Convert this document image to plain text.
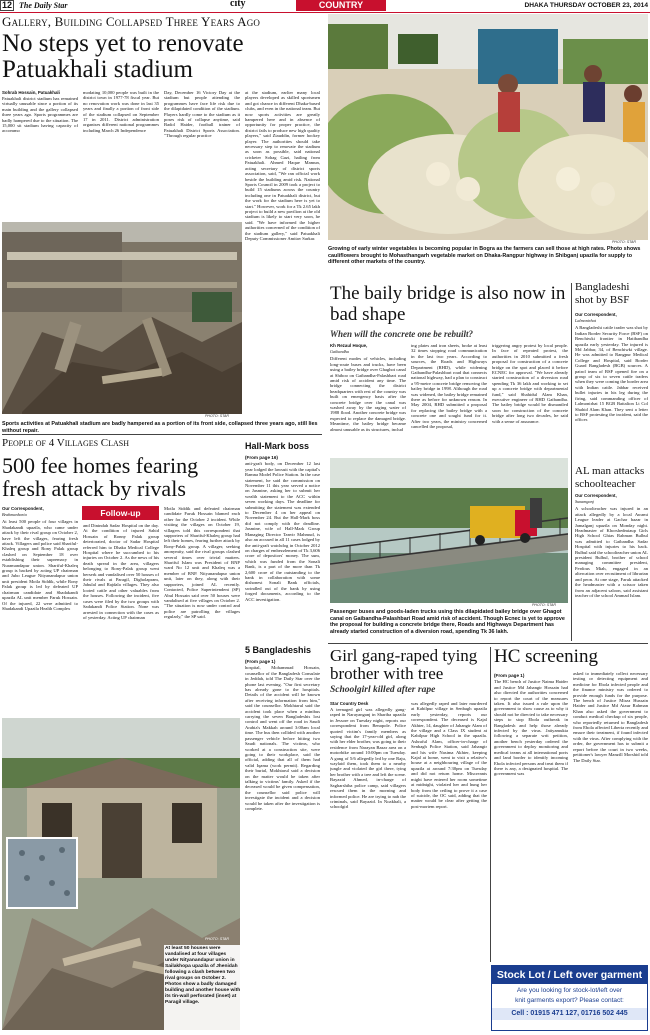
12 The Daily Star	city	COUNTRY	DHAKA THURSDAY OCTOBER 23, 2014
Gallery, Building Collapsed Three Years Ago
No steps yet to renovate Patuakhali stadium
Sohrab Hossain, Patuakhali
Patuakhali district stadium has remained virtually unusable since a portion of its main building and the gallery collapsed three years ago. Sports programmes are badly hampered due to the situation. The 15,000 sit stadium having capacity of accommo
modating 10,000 people was built in the district town in 1977-78 fiscal year. But no renovation work was done in last 35 years and finally a portion of front side of the stadium collapsed on September 17 in 2011. District administration organises different national programmes including March 26 Independence
Day, December 16 Victory Day at the stadium but people attending the programmes have face life risk due to the dilapidated condition of the stadium. Players hardly come to the stadium as it poses risk of collapse anytime, said Badol Haider, football trainer of Patuakhali District Sports Association. "Through regular practice
at the stadium, earlier many local players developed as skilled sportsmen and got chance in different Dhaka-based clubs, and even in the national team. But now sports activities are greatly hampered here and in absence of opportunity for proper practice, the district fails to produce new high quality players," said Ziauddin, former hockey player. The authorities should take necessary step to renovate the stadium as soon as possible, said national cricketer Sohag Gazi, hailing from Patuakhali. Ahmed Haque Mamun, acting secretary of district sports association, said, "We ran official work beside the building amid risk. National Sports Council in 2009 took a project to build 15 stadiums across the country including one in Patuakhali district, but the work for the stadium here is yet to start." However, work for a Tk 2.65 lakh project to build a new pavilion at the old stadium is likely to start very soon, he said. "We have informed the higher authorities concerned of the condition of the stadium gallery," said Patuakhali Deputy Commissioner Amitav Sarkar.
PHOTO: STAR
Sports activities at Patuakhali stadium are badly hampered as a portion of its front side, collapsed three years ago, still lies without repair.
PHOTO: STAR
Growing of early winter vegetables is becoming popular in Bogra as the farmers can sell those at high rates. Photo shows cauliflowers brought to Mohasthangarh vegetable market on Dhaka-Rangpur highway in Shibganj upazila for supply to different other markets of the country.
The baily bridge is also now in bad shape
When will the concrete one be rebuilt?
Kh Rezaul Hoque,
Gaibandha
Different modes of vehicles, including long-route buses and trucks, have been using a bailey bridge over Ghaghot canal at Shiboo on Gaibandha-Palashbari road amid risk of accident any time. The bridge connecting the district headquarters with rest of the country was built on emergency basis after the concrete bridge over the canal was washed away by the raging water of 1988 flood. Another concrete bridge was expected to replace the damaged bridge. Meantime, the bailey bridge became almost unusable as its structures, includ
ing plates and iron sheets, broke at least 32 times stopping road communication in the last two years. According to sources, the Roads and Highways Department (RHD), while widening Gaibandha-Palashbari road that connects national highway, had a plan to construct a 95-metre concrete bridge removing the bailey bridge in 1998. Although the road was widened, the bailey bridge remained there as before for unknown reason. In May 2004, RHD submitted a proposal for replacing the bailey bridge with a concrete one and sought fund for it. After two years, the ministry concerned cancelled the proposal,
triggering angry protest by local people. In face of repeated protest, the authorities in 2010 submitted a fresh proposal for construction of a concrete bridge on the spot and placed it before ECNEC for approval. "We have already started construction of a diversion road spending Tk 36 lakh and working to set up a concrete bridge with departmental fund," said Shahidul Alam Khan, executive engineer of RHD Gaibandha. The bailey bridge would be dismantled soon for construction of the concrete bridge after long two decades, he said with a sense of assurance.
PHOTO: STAR
Passenger buses and goods-laden trucks using this dilapidated bailey bridge over Ghagot canal on Gaibandha-Palashbari Road amid risk of accident. Though Ecnec is yet to approve the proposal for building a concrete bridge there, Roads and Highways Department has already started construction of a diversion road, spending Tk 36 lakh.
Bangladeshi shot by BSF
Our Correspondent,
Lalmonirhat
A Bangladeshi cattle trader was shot by Indian Border Security Force (BSF) on Benchiwki frontier in Hatibandha upazila early yesterday. The injured is Md Jabbar, 34, of Benchiwki village. He was admitted to Rangpur Medical College and Hospital, said Border Guard Bangladesh (BGB) sources. A patrol team of BSF opened fire on a group of six to seven cattle traders when they were coming the border area with Indian cattle. Jabbar received bullet injuries in his leg during the firing, said commanding officer of Lalmonirhat 15 BGB Battalion Lt Col Shahid Alam Khan. They sent a letter to BSF protesting the incident, said the officer.
AL man attacks schoolteacher
Our Correspondent,
Sunamganj
A schoolteacher was injured in an attack allegedly by a local Awami League leader at Gachar bazar in Jamalganj upazila on Monday night. Headmaster of Khorshedmiaup Girls High School Ghias Rahman Bulbul was admitted to Gaibandha Sadar Hospital with injuries to his back. Bulbul said the schoolteacher union AL president Bulbul, brother of school managing committee president, Ferdous Miah, engaged in an altercation over recruitment of librarian and peon. At one stage, Faruk attacked the headmaster with a scissor taken from an adjacent saloon, said assistant teacher of the school Ammad Islam.
People of 4 Villages Clash
500 fee homes fearing fresh attack by rivals
Our Correspondent,
Brahmanbaria
At least 500 people of four villages in Shadakandi upazila, who came under attack by their rival group on October 2, have left the villages, fearing fresh attack. Villagers and police said Shariful-Khaleq group and Rony Palak group clashed on September 18 over establishing their supremacy in Nuramandapur union. Shariful-Khaleq group is backed by acting UP chairman and Jubo League Nityanandapur union unit president Motla Siddik, while Rony Palak group is led by defeated UP chairman candidate and Shadakandi upazila AL unit member Faruk Hossain. Of the injured, 22 were admitted to Shadakandi Upazila Health Complex
Follow-up
and Dinindah Sadar Hospital on the day. At the condition of injured Sahid Hossain of Ronny Palak group deteriorated, doctor of Sadar Hospital referred him to Dhaka Medical College Hospital where he succumbed to his injuries on October 2. As the news of his death spread in the area, villagers belonging to Rony-Palak group went berserk and vandalised over 50 houses of their rivals at Paragil, Digholapram, Jabulal and Rajdala villages. They also looted cattle and other valuables from the houses. Following the incident, five cases were filed by the two groups with Sadakandi Police Station. None was arrested in connection with the cases as of yesterday. Acting UP chairman
Motla Siddik and defeated chairman candidate Faruk Hossain blamed each other for the October 2 incident. While visiting the villages on October 19, villagers told this correspondent that supporters of Shariful-Khaleq group had left their homes, fearing further attack by Rony-Palak group. A villager, seeking anonymity, said the rival groups clashed several times over trivial matters. Shariful Islam was President of BNP ward No 12 unit and Khaleq was a member of BNP. Nityanandapur union unit, later on they, along with their supporters, joined AL recently. Contacted, Police Superintendent (SP) Abul Hossain said over 50 houses were vandalised at five villages on October 2. "The situation is now under control and police are patrolling the villages regularly," the SP said.
PHOTO: STAR
At least 50 houses were vandalised at four villages under Nityanandapur union in Sailakhopa upazila of Jhenidah following a clash between two rival groups on October 2. Photos show a badly damaged building and another house with its tin-wall perforated (inset) at Paragil village.
Hall-Mark boss
(From page 16)
anti-graft body, on December 12 last year lodged the lawsuit with the capital's Ramna Model Police Station. In the case statement, he said the commission on November 11 this year served a notice on Jasmine, asking her to submit her wealth statement to the ACC within seven working days. The deadline for submitting the statement was extended to December 4 on her appeal on November 24. But the Hall-Mark boss did not comply with the deadline. Jasmine, wife of Hall-Mark Group Managing Director Tanvir Mahmud, is also an accused in all 11 cases lodged by the anti-graft watchdog in October 2012 on charges of embezzlement of Tk 3,606 crore of depositors' money. The sum, which was funded from the Sonali Bank, is a part of the more than Tk 2,600 crore of the outstanding to the bank in collaboration with some dishonest Sonali Bank officials, swindled out of the bank by using forged documents, according to the ACC investigation.
5 Bangladeshis
(From page 1)
hospital, Mohammad Hossain, counsellor of the Bangladesh Consulate in Jeddah, told The Daily Star over the phone last evening. "Our first secretary has already gone to the hospitals. Details of the accident will be known after receiving information from him," said the counsellor. Mokhtarul said the accident took place when a minibus carrying the seven Bangladeshis lost control and went off the road in Saudi Arabia's Makkah around 3:00am local time. The bus then collided with another passenger vehicle before hitting two Saudi nationals. The victims, who worked at a construction site, were going to their workplace, said the official, adding that all of them had valid Iqama (work permit). Regarding their burial, Mokhtarul said a decision on the matter would be taken after talking to victims' family. Asked if the deceased would be given compensation, the counsellor said police will investigate the incident and a decision would be taken after the investigation is complete.
Girl gang-raped tying brother with tree
Schoolgirl killed after rape
Star Country Desk
A teenaged girl was allegedly gang-raped in Narayanganj in Shariba upazila in Jessore on Tuesday night, reports our correspondent from Benapole. Police quoted victim's family members as saying that the 17-year-old girl, along with her elder brother, was going to their residence from Narayan Bazar area on a motorbike around 10:00pm on Tuesday. A gang of 5/6 allegedly led by one Raju, waylaid them, took them to a nearby jungle and violated the girl there, tying her brother with a tree and left the scene. Bayazid Ahmed, in-charge of Sagharshiba police camp, said villagers rescued them in the morning and informed police. He are trying to nab the criminals, said Bayazid. In Noakhali, a schoolgirl
was allegedly raped and later murdered at Kabilpur village in Senbagh upazila early yesterday, reports our correspondent. The deceased is Kajal Akhter, 14, daughter of Jahangir Alam of the village and a Class IX student at Kabilpur High School in the upazila. Ashraful Alam, officer-in-charge of Senbagh Police Station, said Jahangir and his wife Nasima Akhter, keeping Kajal at home, went to visit a relative's house at a neighbouring village of the upazila at around 7:30pm on Tuesday and did not return home. Miscreants might have entered her room sometime at midnight, violated her and hung her body from the ceiling to prove it a case of suicide, the OC said, adding that the matter would be clear after getting the post-mortem report.
HC screening
(From page 1)
The HC bench of Justice Naima Haider and Justice Md Jahangir Hossain had also directed the authorities concerned to report the court of the measures taken. It also issued a rule upon the government to show cause as to why it should not be directed to take necessary steps to stop Ebola outbreak in Bangladesh and help those already infected by the virus. Jatiyamukta following a separate writ petition, another bench yesterday ordered the government to deploy monitoring and medical teams at all international ports and land border to identify incoming Ebola infected persons and treat them if there is any, a designated hospital. The government was
asked to immediately collect necessary testing or detecting equipment and medicine for Ebola infected people and the finance ministry was ordered to provide enough funds for the purpose. The bench of Justice Mirza Hussain Haider and Justice Md Ataur Rahman Khan also asked the government to conduct medical checkup of six people, who reportedly returned to Bangladesh from Ebola affected Liberia recently and ensure their treatment, if found infected with the virus. After complying with the order, the government has to submit a report before the court in two weeks, petitioner's lawyer Manzill Morshid told The Daily Star.
Stock Lot / Left over garment
Are you looking for stock-lot/left over
knit garments export? Please contact:
Cell : 01915 471 127, 01716 502 445
